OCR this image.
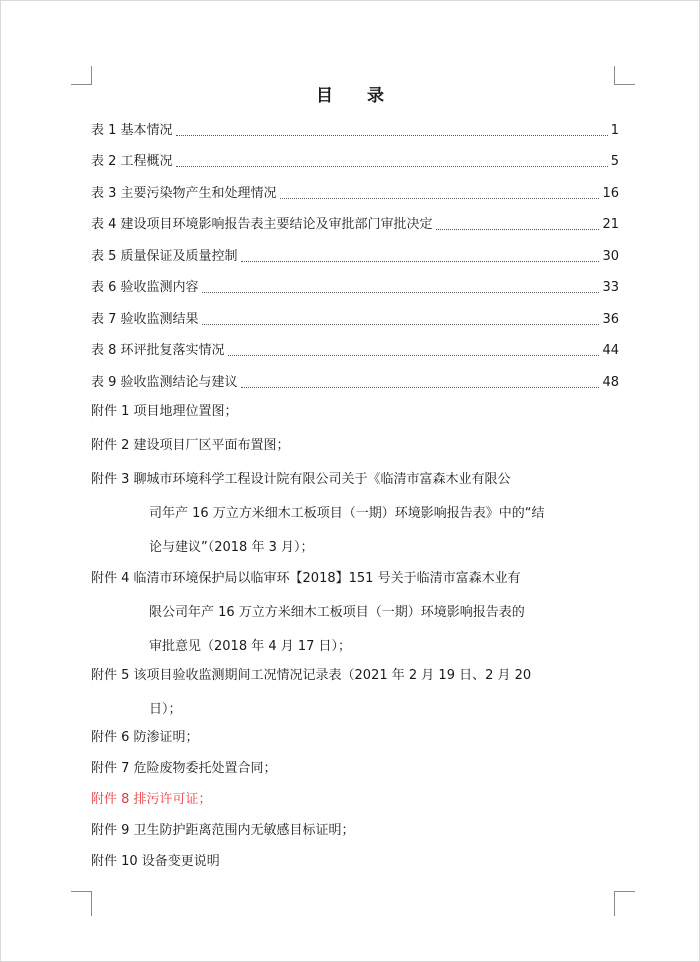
目 录
表 1 基本情况	1
表 2 工程概况	5
表 3 主要污染物产生和处理情况	16
表 4 建设项目环境影响报告表主要结论及审批部门审批决定	21
表 5 质量保证及质量控制	30
表 6 验收监测内容	33
表 7 验收监测结果	36
表 8 环评批复落实情况	44
表 9 验收监测结论与建议	48
附件 1 项目地理位置图；
附件 2 建设项目厂区平面布置图；
附件 3 聊城市环境科学工程设计院有限公司关于《临清市富森木业有限公
司年产 16 万立方米细木工板项目（一期）环境影响报告表》中的“结
论与建议”（2018 年 3 月）；
附件 4 临清市环境保护局以临审环【2018】151 号关于临清市富森木业有
限公司年产 16 万立方米细木工板项目（一期）环境影响报告表的
审批意见（2018 年 4 月 17 日）；
附件 5 该项目验收监测期间工况情况记录表（2021 年 2 月 19 日、2 月 20
日）；
附件 6 防渗证明；
附件 7 危险废物委托处置合同；
附件 8 排污许可证；
附件 9 卫生防护距离范围内无敏感目标证明；
附件 10 设备变更说明
